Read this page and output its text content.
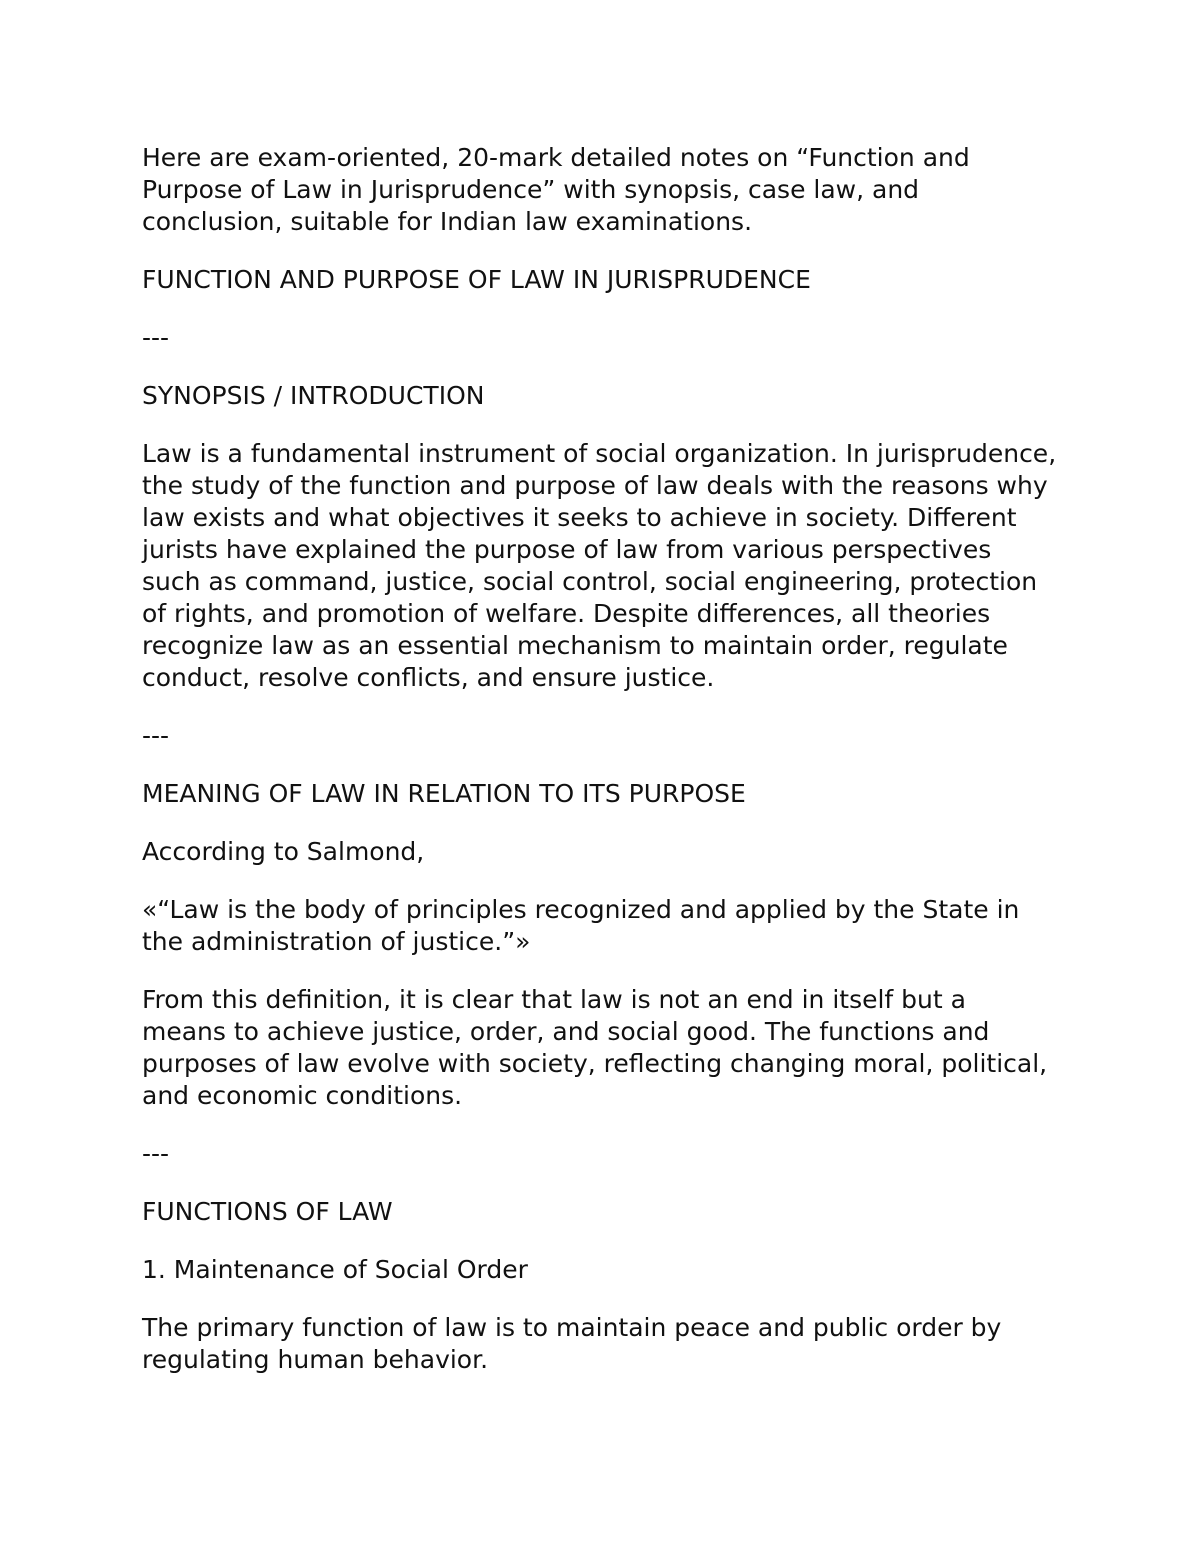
Here are exam-oriented, 20-mark detailed notes on “Function and Purpose of Law in Jurisprudence” with synopsis, case law, and conclusion, suitable for Indian law examinations.

FUNCTION AND PURPOSE OF LAW IN JURISPRUDENCE

---

SYNOPSIS / INTRODUCTION

Law is a fundamental instrument of social organization. In jurisprudence, the study of the function and purpose of law deals with the reasons why law exists and what objectives it seeks to achieve in society. Different jurists have explained the purpose of law from various perspectives such as command, justice, social control, social engineering, protection of rights, and promotion of welfare. Despite differences, all theories recognize law as an essential mechanism to maintain order, regulate conduct, resolve conflicts, and ensure justice.

---

MEANING OF LAW IN RELATION TO ITS PURPOSE

According to Salmond,

«“Law is the body of principles recognized and applied by the State in the administration of justice.”»

From this definition, it is clear that law is not an end in itself but a means to achieve justice, order, and social good. The functions and purposes of law evolve with society, reflecting changing moral, political, and economic conditions.

---

FUNCTIONS OF LAW

1. Maintenance of Social Order

The primary function of law is to maintain peace and public order by regulating human behavior.
